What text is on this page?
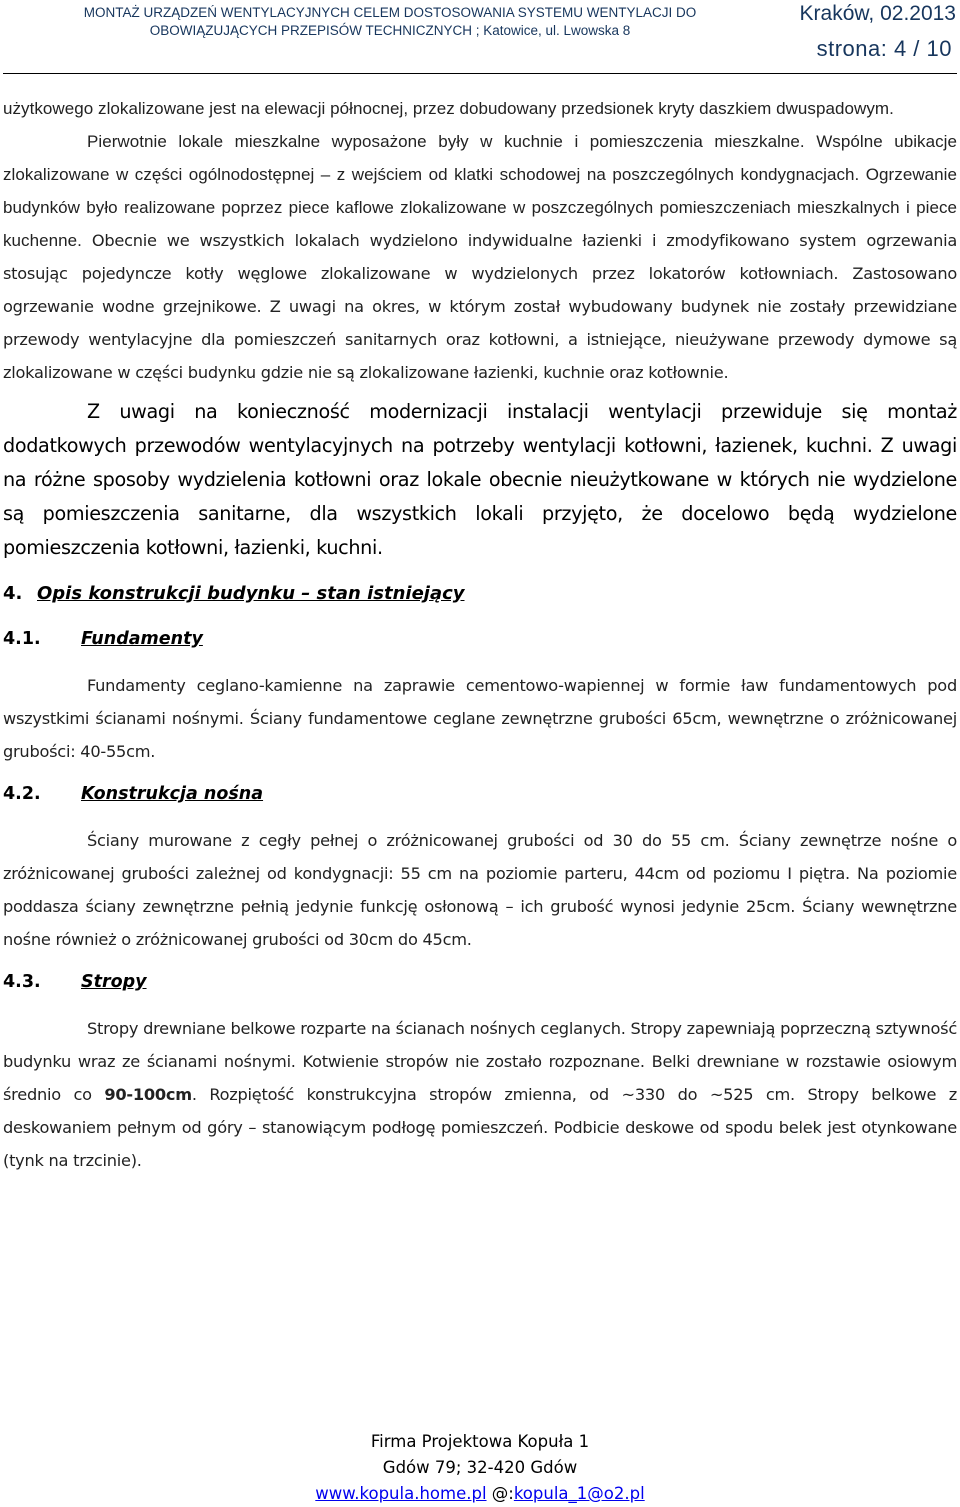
MONTAŻ URZĄDZEŃ WENTYLACYJNYCH CELEM DOSTOSOWANIA SYSTEMU WENTYLACJI DO
OBOWIĄZUJĄCYCH PRZEPISÓW TECHNICZNYCH ; Katowice, ul. Lwowska 8
Kraków, 02.2013
strona: 4 / 10

użytkowego zlokalizowane jest na elewacji północnej, przez dobudowany przedsionek kryty daszkiem dwuspadowym.

Pierwotnie lokale mieszkalne wyposażone były w kuchnie i pomieszczenia mieszkalne. Wspólne ubikacje zlokalizowane w części ogólnodostępnej – z wejściem od klatki schodowej na poszczególnych kondygnacjach. Ogrzewanie budynków było realizowane poprzez piece kaflowe zlokalizowane w poszczególnych pomieszczeniach mieszkalnych i piece kuchenne. Obecnie we wszystkich lokalach wydzielono indywidualne łazienki i zmodyfikowano system ogrzewania stosując pojedyncze kotły węglowe zlokalizowane w wydzielonych przez lokatorów kotłowniach. Zastosowano ogrzewanie wodne grzejnikowe. Z uwagi na okres, w którym został wybudowany budynek nie zostały przewidziane przewody wentylacyjne dla pomieszczeń sanitarnych oraz kotłowni, a istniejące, nieużywane przewody dymowe są zlokalizowane w części budynku gdzie nie są zlokalizowane łazienki, kuchnie oraz kotłownie.

Z uwagi na konieczność modernizacji instalacji wentylacji przewiduje się montaż dodatkowych przewodów wentylacyjnych na potrzeby wentylacji kotłowni, łazienek, kuchni. Z uwagi na różne sposoby wydzielenia kotłowni oraz lokale obecnie nieużytkowane w których nie wydzielone są pomieszczenia sanitarne, dla wszystkich lokali przyjęto, że docelowo będą wydzielone pomieszczenia kotłowni, łazienki, kuchni.

4. Opis konstrukcji budynku – stan istniejący
4.1. Fundamenty

Fundamenty ceglano-kamienne na zaprawie cementowo-wapiennej w formie ław fundamentowych pod wszystkimi ścianami nośnymi. Ściany fundamentowe ceglane zewnętrzne grubości 65cm, wewnętrzne o zróżnicowanej grubości: 40-55cm.

4.2. Konstrukcja nośna

Ściany murowane z cegły pełnej o zróżnicowanej grubości od 30 do 55 cm. Ściany zewnętrze nośne o zróżnicowanej grubości zależnej od kondygnacji: 55 cm na poziomie parteru, 44cm od poziomu I piętra. Na poziomie poddasza ściany zewnętrzne pełnią jedynie funkcję osłonową – ich grubość wynosi jedynie 25cm. Ściany wewnętrzne nośne również o zróżnicowanej grubości od 30cm do 45cm.

4.3. Stropy

Stropy drewniane belkowe rozparte na ścianach nośnych ceglanych. Stropy zapewniają poprzeczną sztywność budynku wraz ze ścianami nośnymi. Kotwienie stropów nie zostało rozpoznane. Belki drewniane w rozstawie osiowym średnio co 90-100cm. Rozpiętość konstrukcyjna stropów zmienna, od ~330 do ~525 cm. Stropy belkowe z deskowaniem pełnym od góry – stanowiącym podłogę pomieszczeń. Podbicie deskowe od spodu belek jest otynkowane (tynk na trzcinie).

Firma Projektowa Kopuła 1
Gdów 79; 32-420 Gdów
www.kopula.home.pl @:kopula_1@o2.pl
